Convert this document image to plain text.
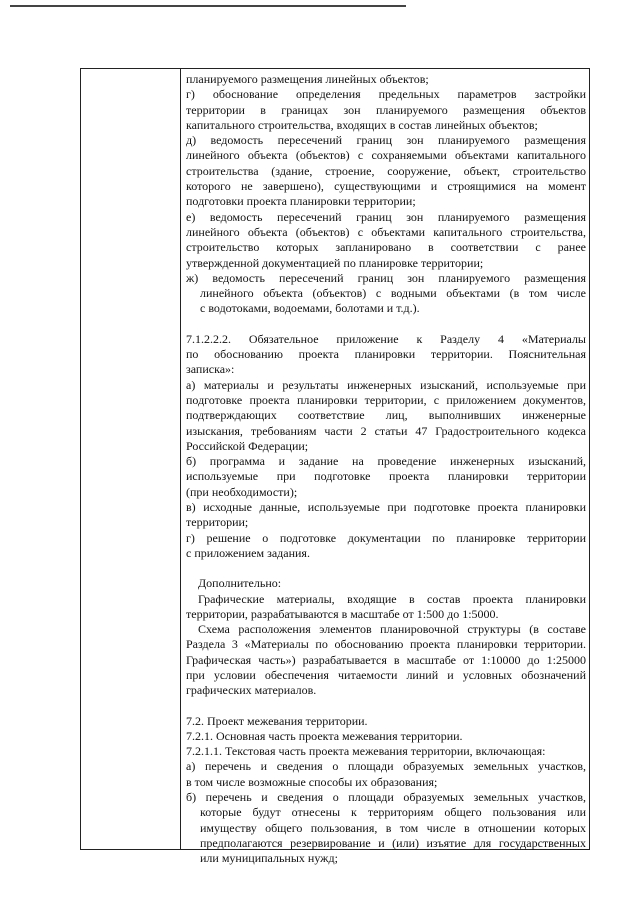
планируемого размещения линейных объектов;
г) обоснование определения предельных параметров застройки
территории в границах зон планируемого размещения объектов
капитального строительства, входящих в состав линейных объектов;
д) ведомость пересечений границ зон планируемого размещения
линейного объекта (объектов) с сохраняемыми объектами капитального
строительства (здание, строение, сооружение, объект, строительство
которого не завершено), существующими и строящимися на момент
подготовки проекта планировки территории;
е) ведомость пересечений границ зон планируемого размещения
линейного объекта (объектов) с объектами капитального строительства,
строительство которых запланировано в соответствии с ранее
утвержденной документацией по планировке территории;
ж) ведомость пересечений границ зон планируемого размещения
линейного объекта (объектов) с водными объектами (в том числе
с водотоками, водоемами, болотами и т.д.).
7.1.2.2.2. Обязательное приложение к Разделу 4 «Материалы
по обоснованию проекта планировки территории. Пояснительная
записка»:
а) материалы и результаты инженерных изысканий, используемые при
подготовке проекта планировки территории, с приложением документов,
подтверждающих соответствие лиц, выполнивших инженерные
изыскания, требованиям части 2 статьи 47 Градостроительного кодекса
Российской Федерации;
б) программа и задание на проведение инженерных изысканий,
используемые при подготовке проекта планировки территории
(при необходимости);
в) исходные данные, используемые при подготовке проекта планировки
территории;
г) решение о подготовке документации по планировке территории
с приложением задания.
Дополнительно:
Графические материалы, входящие в состав проекта планировки
территории, разрабатываются в масштабе от 1:500 до 1:5000.
Схема расположения элементов планировочной структуры (в составе
Раздела 3 «Материалы по обоснованию проекта планировки территории.
Графическая часть») разрабатывается в масштабе от 1:10000 до 1:25000
при условии обеспечения читаемости линий и условных обозначений
графических материалов.
7.2. Проект межевания территории.
7.2.1. Основная часть проекта межевания территории.
7.2.1.1. Текстовая часть проекта межевания территории, включающая:
а) перечень и сведения о площади образуемых земельных участков,
в том числе возможные способы их образования;
б) перечень и сведения о площади образуемых земельных участков,
которые будут отнесены к территориям общего пользования или
имуществу общего пользования, в том числе в отношении которых
предполагаются резервирование и (или) изъятие для государственных
или муниципальных нужд;
